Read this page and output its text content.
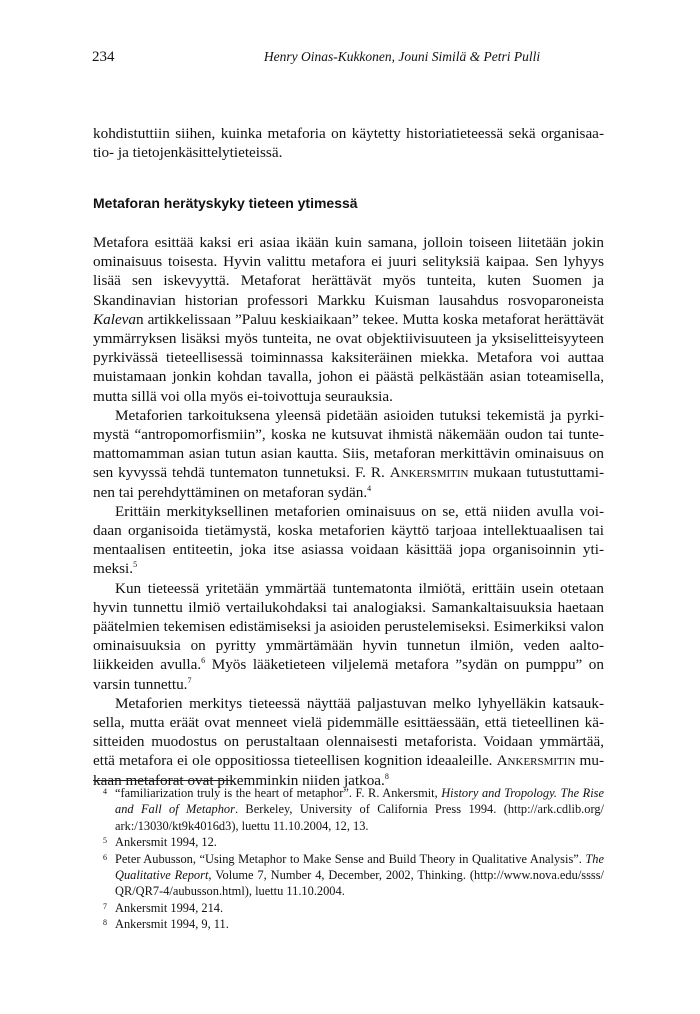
234	Henry Oinas-Kukkonen, Jouni Similä & Petri Pulli

kohdistuttiin siihen, kuinka metaforia on käytetty historiatieteessä sekä organisaatio- ja tietojenkäsittelytieteissä.

Metaforan herätyskyky tieteen ytimessä

Metafora esittää kaksi eri asiaa ikään kuin samana, jolloin toiseen liitetään jokin ominaisuus toisesta. Hyvin valittu metafora ei juuri selityksiä kaipaa. Sen lyhyys lisää sen iskevyyttä. Metaforat herättävät myös tunteita, kuten Suomen ja Skandinavian historian professori Markku Kuisman lausahdus rosvoparoneista Kalevan artikkelissaan ”Paluu keskiaikaan” tekee. Mutta koska metaforat herättävät ymmärryksen lisäksi myös tunteita, ne ovat objektiivisuuteen ja yksiselitteisyyteen pyrkivässä tieteellisessä toiminnassa kaksiteräinen miekka. Metafora voi auttaa muistamaan jonkin kohdan tavalla, johon ei päästä pelkästään asian toteamisella, mutta sillä voi olla myös ei-toivottuja seurauksia.

Metaforien tarkoituksena yleensä pidetään asioiden tutuksi tekemistä ja pyrkimystä “antropomorfismiin”, koska ne kutsuvat ihmistä näkemään oudon tai tuntemattomamman asian tutun asian kautta. Siis, metaforan merkittävin ominaisuus on sen kyvyssä tehdä tuntematon tunnetuksi. F. R. Ankersmitin mukaan tutustuttaminen tai perehdyttäminen on metaforan sydän.$^4$

Erittäin merkityksellinen metaforien ominaisuus on se, että niiden avulla voidaan organisoida tietämystä, koska metaforien käyttö tarjoaa intellektuaalisen tai mentaalisen entiteetin, joka itse asiassa voidaan käsittää jopa organisoinnin ytimeksi.$^5$

Kun tieteessä yritetään ymmärtää tuntematonta ilmiötä, erittäin usein otetaan hyvin tunnettu ilmiö vertailukohdaksi tai analogiaksi. Samankaltaisuuksia haetaan päätelmien tekemisen edistämiseksi ja asioiden perustelemiseksi. Esimerkiksi valon ominaisuuksia on pyritty ymmärtämään hyvin tunnetun ilmiön, veden aaltoliikkeiden avulla.$^6$ Myös lääketieteen viljelemä metafora ”sydän on pumppu” on varsin tunnettu.$^7$

Metaforien merkitys tieteessä näyttää paljastuvan melko lyhyelläkin katsauksella, mutta eräät ovat menneet vielä pidemmälle esittäessään, että tieteellinen käsitteiden muodostus on perustaltaan olennaisesti metaforista. Voidaan ymmärtää, että metafora ei ole oppositiossa tieteellisen kognition ideaaleille. Ankersmitin mukaan metaforat ovat pikemminkin niiden jatkoa.$^8$

4 “familiarization truly is the heart of metaphor”. F. R. Ankersmit, History and Tropology. The Rise and Fall of Metaphor. Berkeley, University of California Press 1994. (http://ark.cdlib.org/ ark:/13030/kt9k4016d3), luettu 11.10.2004, 12, 13.

5 Ankersmit 1994, 12.

6 Peter Aubusson, “Using Metaphor to Make Sense and Build Theory in Qualitative Analysis”. The Qualitative Report, Volume 7, Number 4, December, 2002, Thinking. (http://www.nova.edu/ssss/ QR/QR7-4/aubusson.html), luettu 11.10.2004.

7 Ankersmit 1994, 214.

8 Ankersmit 1994, 9, 11.
